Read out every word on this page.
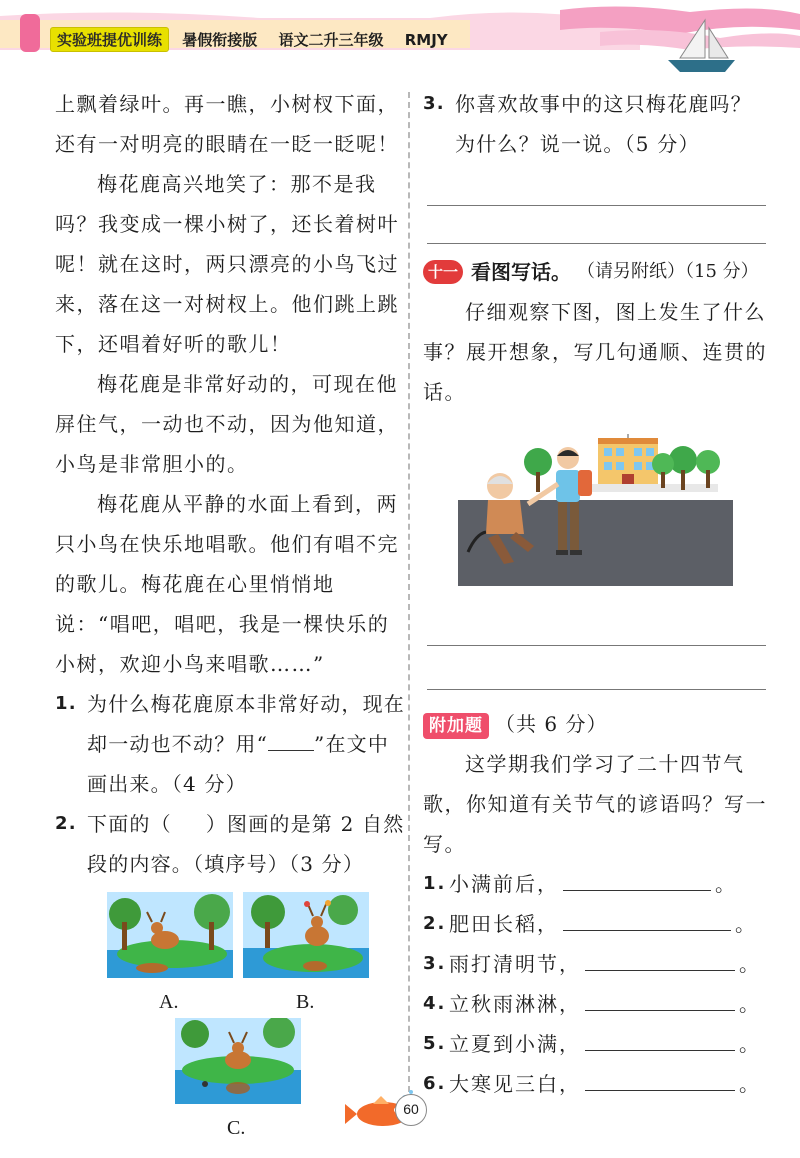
实验班提优训练 暑假衔接版 语文二升三年级 RMJY

上飘着绿叶。再一瞧，小树杈下面，还有一对明亮的眼睛在一眨一眨呢！

梅花鹿高兴地笑了：那不是我吗？我变成一棵小树了，还长着树叶呢！就在这时，两只漂亮的小鸟飞过来，落在这一对树杈上。他们跳上跳下，还唱着好听的歌儿！

梅花鹿是非常好动的，可现在他屏住气，一动也不动，因为他知道，小鸟是非常胆小的。

梅花鹿从平静的水面上看到，两只小鸟在快乐地唱歌。他们有唱不完的歌儿。梅花鹿在心里悄悄地说：“唱吧，唱吧，我是一棵快乐的小树，欢迎小鸟来唱歌……”

1. 为什么梅花鹿原本非常好动，现在却一动也不动？用“ ”在文中画出来。（4 分）
2. 下面的（ ）图画的是第 2 自然段的内容。（填序号）（3 分）
A.	B.
C.
3. 你喜欢故事中的这只梅花鹿吗？为什么？说一说。（5 分）
十一 看图写话。 （请另附纸）（15 分）

仔细观察下图，图上发生了什么事？展开想象，写几句通顺、连贯的话。

附加题 （共 6 分）

这学期我们学习了二十四节气歌，你知道有关节气的谚语吗？写一写。

1. 小满前后，	。
2. 肥田长稻，	。
3. 雨打清明节，	。
4. 立秋雨淋淋，	。
5. 立夏到小满，	。
6. 大寒见三白，	。
60
